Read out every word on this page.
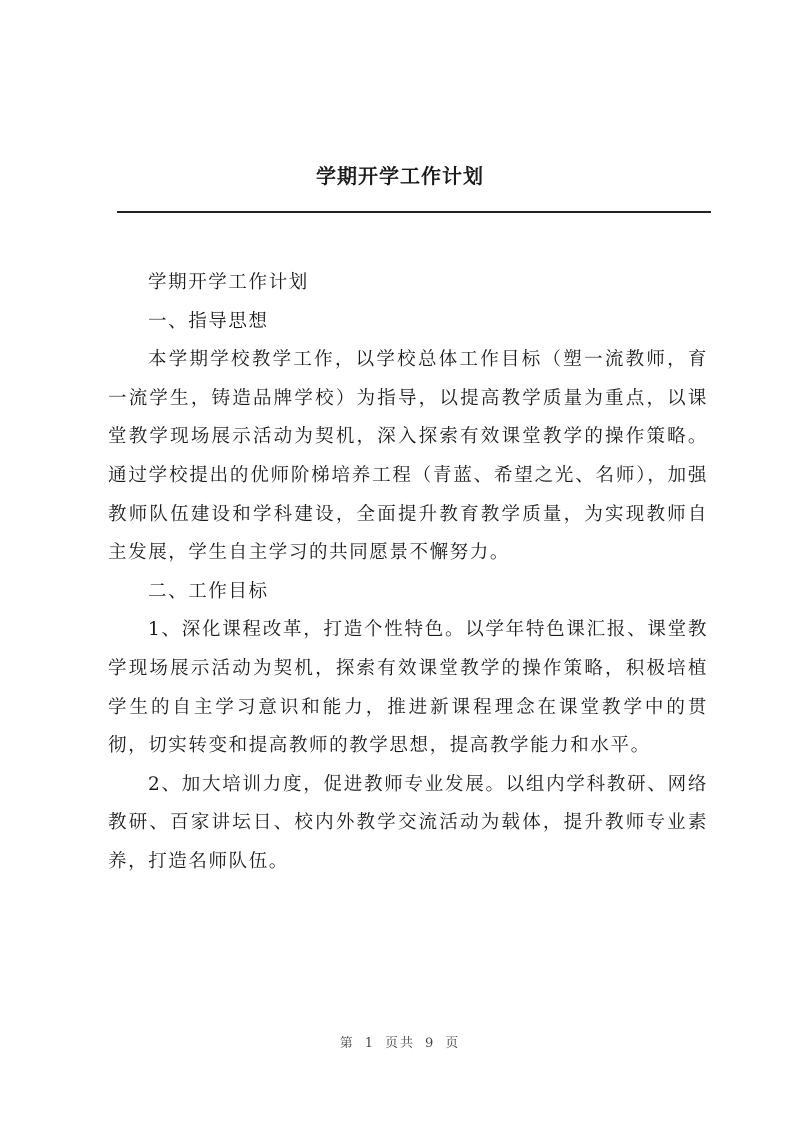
学期开学工作计划

学期开学工作计划

一、指导思想

本学期学校教学工作，以学校总体工作目标（塑一流教师，育一流学生，铸造品牌学校）为指导，以提高教学质量为重点，以课堂教学现场展示活动为契机，深入探索有效课堂教学的操作策略。通过学校提出的优师阶梯培养工程（青蓝、希望之光、名师），加强教师队伍建设和学科建设，全面提升教育教学质量，为实现教师自主发展，学生自主学习的共同愿景不懈努力。

二、工作目标

1、深化课程改革，打造个性特色。以学年特色课汇报、课堂教学现场展示活动为契机，探索有效课堂教学的操作策略，积极培植学生的自主学习意识和能力，推进新课程理念在课堂教学中的贯彻，切实转变和提高教师的教学思想，提高教学能力和水平。

2、加大培训力度，促进教师专业发展。以组内学科教研、网络教研、百家讲坛日、校内外教学交流活动为载体，提升教师专业素养，打造名师队伍。

第 1 页共 9 页
